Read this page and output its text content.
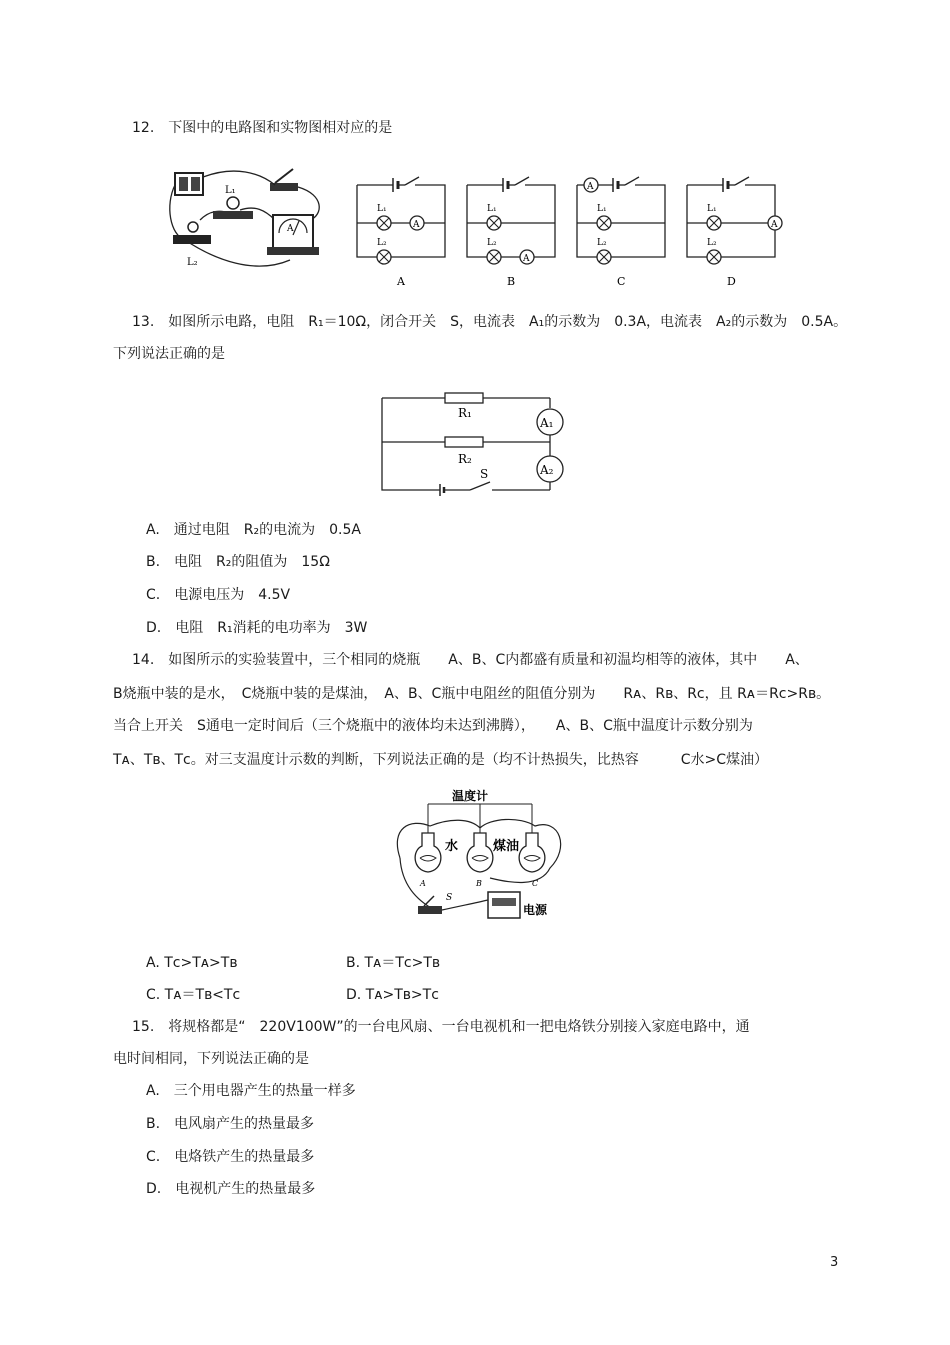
12.　下图中的电路图和实物图相对应的是
L₁
L₂
A	A
L₁
L₂
A
L₁
A
L₂
B
A
L₁
L₂
C
A
L₁
L₂
D
13.　如图所示电路，电阻　R₁＝10Ω，闭合开关　S，电流表　A₁的示数为　0.3A，电流表　A₂的示数为　0.5A。
下列说法正确的是
A₁
R₁
A₂
R₂
S
A.　通过电阻　R₂的电流为　0.5A
B.　电阻　R₂的阻值为　15Ω
C.　电源电压为　4.5V
D.　电阻　R₁消耗的电功率为　3W
14.　如图所示的实验装置中，三个相同的烧瓶　　A、B、C内都盛有质量和初温均相等的液体，其中　　A、
B烧瓶中装的是水，　C烧瓶中装的是煤油，　A、B、C瓶中电阻丝的阻值分别为　　Rᴀ、Rʙ、Rᴄ，且 Rᴀ＝Rᴄ>Rʙ。
当合上开关　S通电一定时间后（三个烧瓶中的液体均未达到沸腾），　　A、B、C瓶中温度计示数分别为
Tᴀ、Tʙ、Tᴄ。对三支温度计示数的判断，下列说法正确的是（均不计热损失，比热容　　　C水>C煤油）
温度计
水	煤油
A	B	C
S
电源
A. Tᴄ>Tᴀ>Tʙ	B. Tᴀ＝Tᴄ>Tʙ
C. Tᴀ＝Tʙ<Tᴄ	D. Tᴀ>Tʙ>Tᴄ
15.　将规格都是“　220V100W”的一台电风扇、一台电视机和一把电烙铁分别接入家庭电路中，通
电时间相同，下列说法正确的是
A.　三个用电器产生的热量一样多
B.　电风扇产生的热量最多
C.　电烙铁产生的热量最多
D.　电视机产生的热量最多
3
